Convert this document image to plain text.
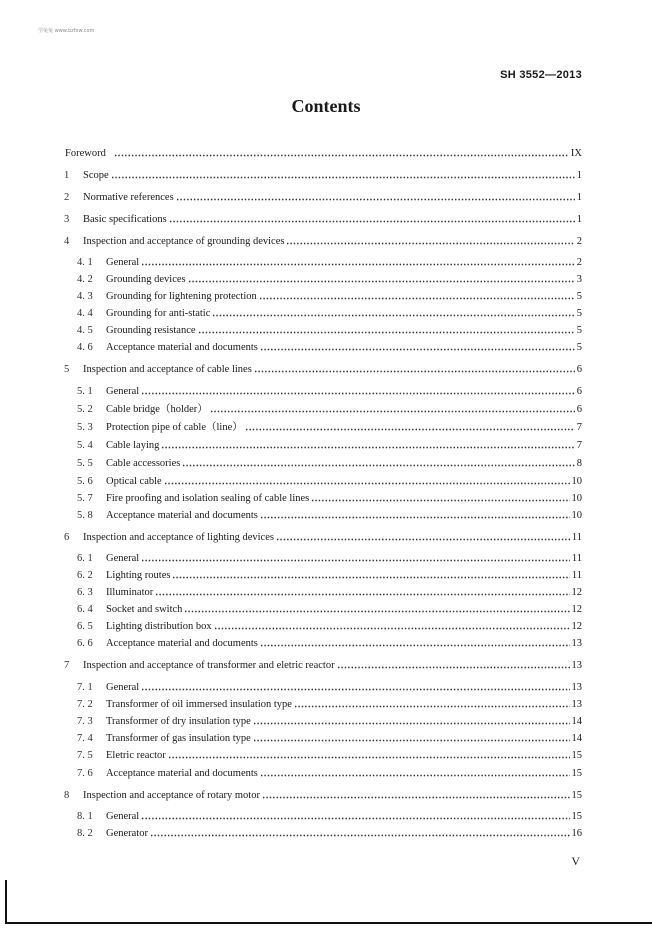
学兔兔 www.bzfxw.com
SH 3552—2013
Contents
Foreword	IX
1	Scope	1
2	Normative references	1
3	Basic specifications	1
4	Inspection and acceptance of grounding devices	2
4. 1	General	2
4. 2	Grounding devices	3
4. 3	Grounding for lightening protection	5
4. 4	Grounding for anti-static	5
4. 5	Grounding resistance	5
4. 6	Acceptance material and documents	5
5	Inspection and acceptance of cable lines	6
5. 1	General	6
5. 2	Cable bridge（holder）	6
5. 3	Protection pipe of cable（line）	7
5. 4	Cable laying	7
5. 5	Cable accessories	8
5. 6	Optical cable	10
5. 7	Fire proofing and isolation sealing of cable lines	10
5. 8	Acceptance material and documents	10
6	Inspection and acceptance of lighting devices	11
6. 1	General	11
6. 2	Lighting routes	11
6. 3	Illuminator	12
6. 4	Socket and switch	12
6. 5	Lighting distribution box	12
6. 6	Acceptance material and documents	13
7	Inspection and acceptance of transformer and eletric reactor	13
7. 1	General	13
7. 2	Transformer of oil immersed insulation type	13
7. 3	Transformer of dry insulation type	14
7. 4	Transformer of gas insulation type	14
7. 5	Eletric reactor	15
7. 6	Acceptance material and documents	15
8	Inspection and acceptance of rotary motor	15
8. 1	General	15
8. 2	Generator	16
V
